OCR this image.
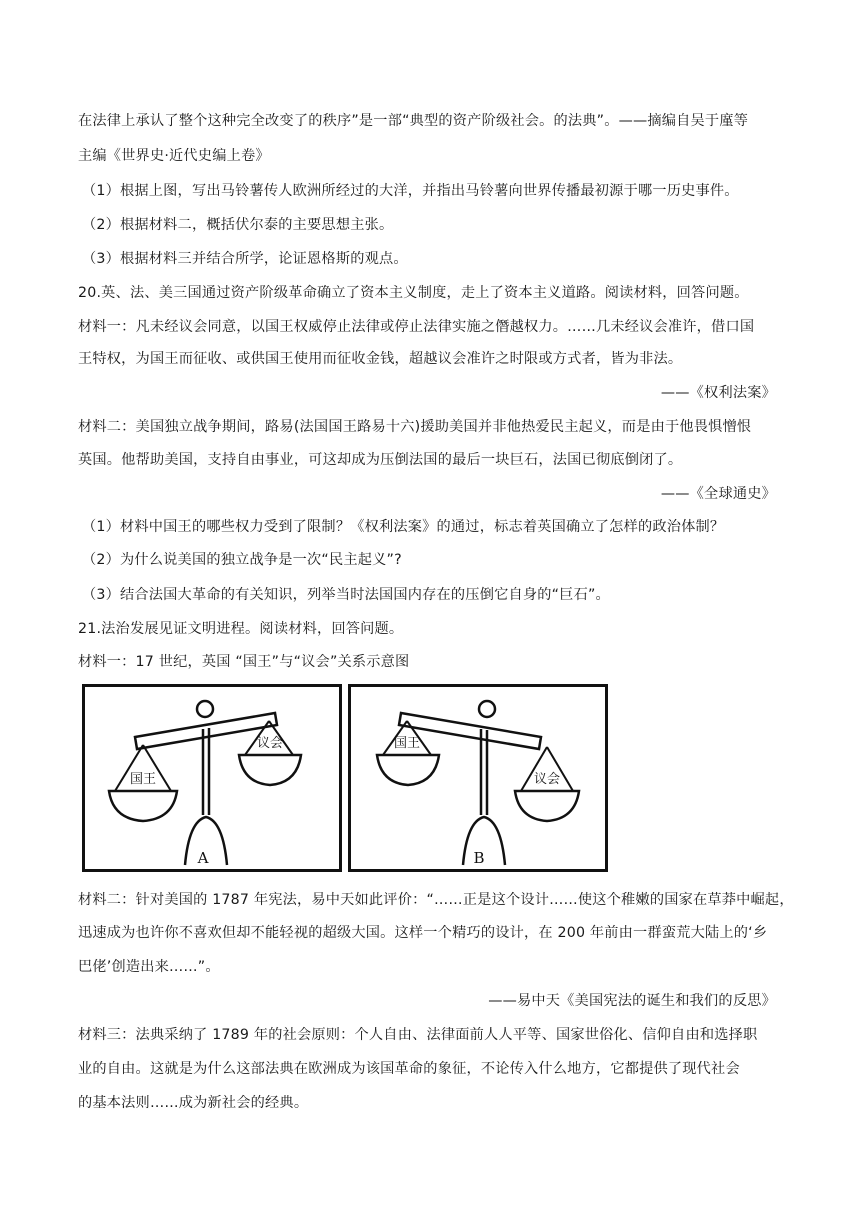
在法律上承认了整个这种完全改变了的秩序”是一部“典型的资产阶级社会。的法典”。——摘编自吴于廑等
主编《世界史·近代史编上卷》
（1）根据上图，写出马铃薯传人欧洲所经过的大洋，并指出马铃薯向世界传播最初源于哪一历史事件。
（2）根据材料二，概括伏尔泰的主要思想主张。
（3）根据材料三并结合所学，论证恩格斯的观点。
20.英、法、美三国通过资产阶级革命确立了资本主义制度，走上了资本主义道路。阅读材料，回答问题。
材料一：凡未经议会同意，以国王权威停止法律或停止法律实施之僭越权力。……几未经议会准许，借口国
王特权，为国王而征收、或供国王使用而征收金钱，超越议会准许之时限或方式者，皆为非法。
——《权利法案》
材料二：美国独立战争期间，路易(法国国王路易十六)援助美国并非他热爱民主起义，而是由于他畏惧憎恨
英国。他帮助美国，支持自由事业，可这却成为压倒法国的最后一块巨石，法国已彻底倒闭了。
——《全球通史》
（1）材料中国王的哪些权力受到了限制？《权利法案》的通过，标志着英国确立了怎样的政治体制？
（2）为什么说美国的独立战争是一次“民主起义”?
（3）结合法国大革命的有关知识，列举当时法国国内存在的压倒它自身的“巨石”。
21.法治发展见证文明进程。阅读材料，回答问题。
材料一：17 世纪，英国 “国王”与“议会”关系示意图
国王
议会
A
国王
议会
B
材料二：针对美国的 1787 年宪法，易中天如此评价：“……正是这个设计……使这个稚嫩的国家在草莽中崛起，
迅速成为也许你不喜欢但却不能轻视的超级大国。这样一个精巧的设计，在 200 年前由一群蛮荒大陆上的‘乡
巴佬’创造出来……”。
——易中天《美国宪法的诞生和我们的反思》
材料三：法典采纳了 1789 年的社会原则：个人自由、法律面前人人平等、国家世俗化、信仰自由和选择职
业的自由。这就是为什么这部法典在欧洲成为该国革命的象征，不论传入什么地方，它都提供了现代社会
的基本法则……成为新社会的经典。
